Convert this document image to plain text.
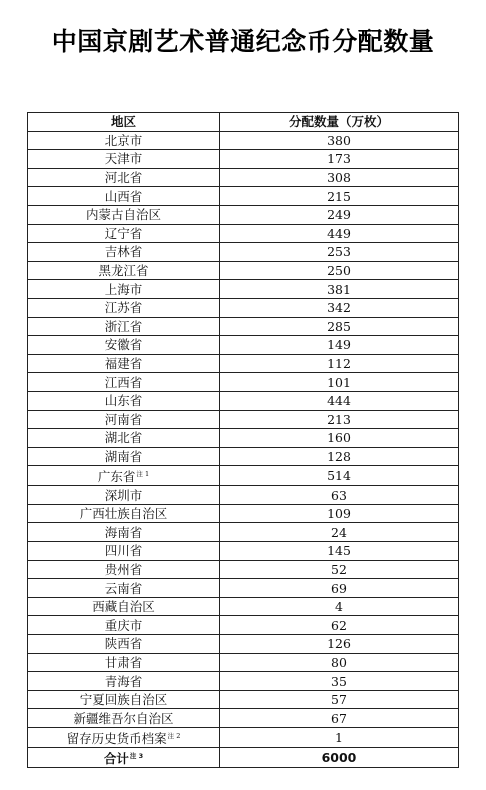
中国京剧艺术普通纪念币分配数量
地区	分配数量（万枚）
北京市	380
天津市	173
河北省	308
山西省	215
内蒙古自治区	249
辽宁省	449
吉林省	253
黑龙江省	250
上海市	381
江苏省	342
浙江省	285
安徽省	149
福建省	112
江西省	101
山东省	444
河南省	213
湖北省	160
湖南省	128
广东省$^{注 1}$	514
深圳市	63
广西壮族自治区	109
海南省	24
四川省	145
贵州省	52
云南省	69
西藏自治区	4
重庆市	62
陕西省	126
甘肃省	80
青海省	35
宁夏回族自治区	57
新疆维吾尔自治区	67
留存历史货币档案$^{注 2}$	1
合计$^{注 3}$	6000
